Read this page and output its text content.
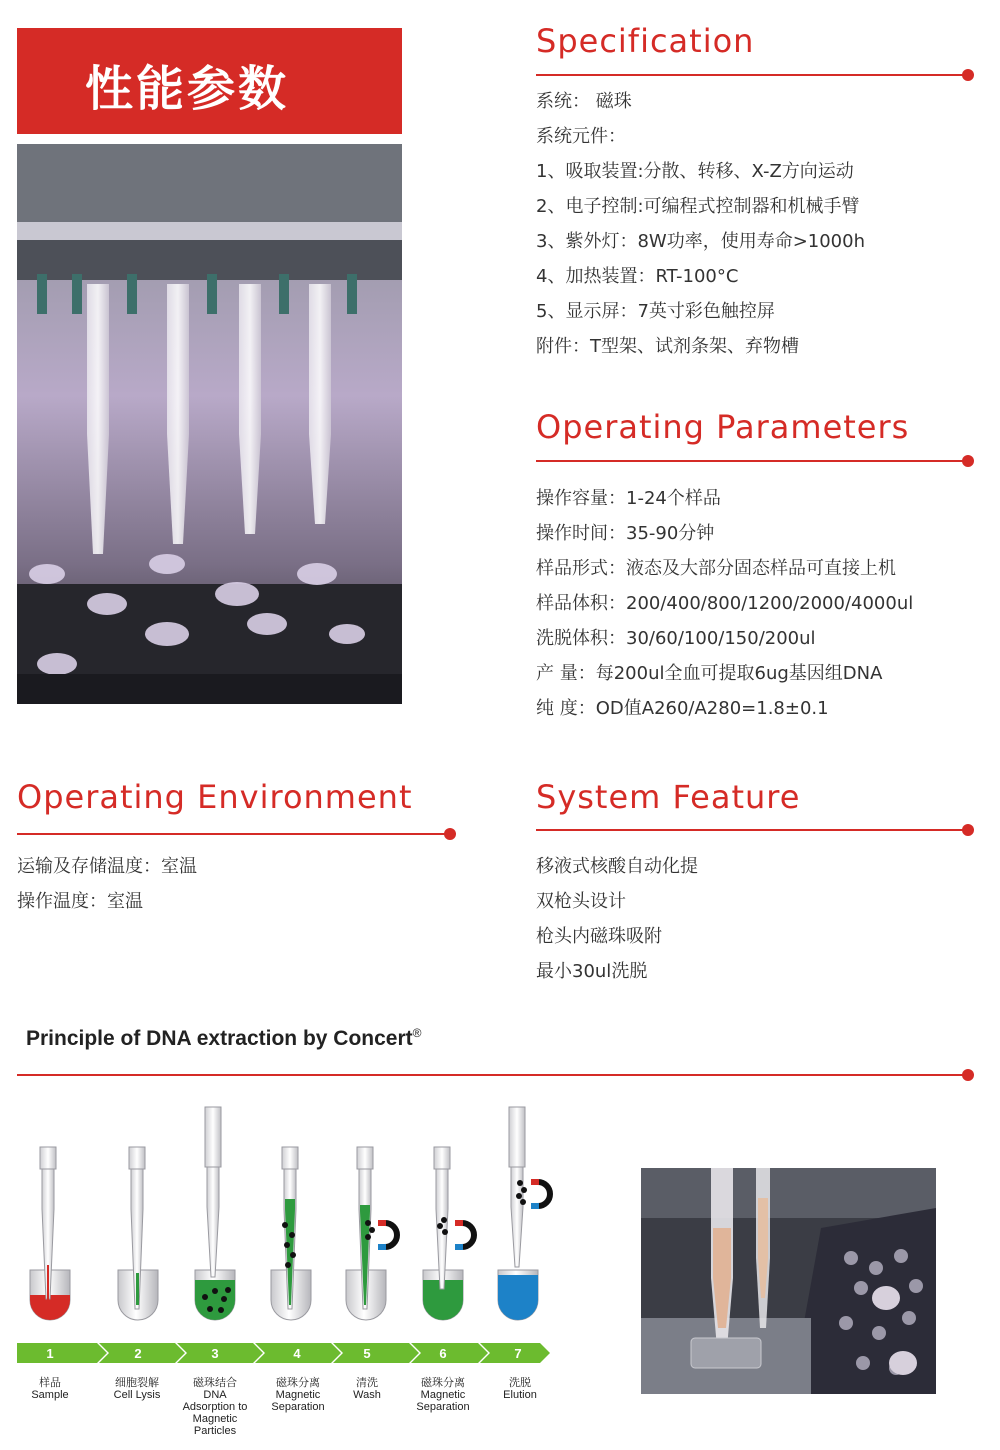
性能参数
Specification
系统： 磁珠
系统元件：
1、吸取装置:分散、转移、X-Z方向运动
2、电子控制:可编程式控制器和机械手臂
3、紫外灯：8W功率，使用寿命>1000h
4、加热装置：RT-100°C
5、显示屏：7英寸彩色触控屏
附件：T型架、试剂条架、弃物槽
Operating Parameters
操作容量：1-24个样品
操作时间：35-90分钟
样品形式：液态及大部分固态样品可直接上机
样品体积：200/400/800/1200/2000/4000ul
洗脱体积：30/60/100/150/200ul
产 量：每200ul全血可提取6ug基因组DNA
纯 度：OD值A260/A280=1.8±0.1
Operating Environment
运输及存储温度：室温
操作温度：室温
System Feature
移液式核酸自动化提
双枪头设计
枪头内磁珠吸附
最小30ul洗脱
Principle of DNA extraction by Concert®
1	2	3	4	5	6	7
样品
Sample
细胞裂解
Cell Lysis
磁珠结合
DNA Adsorption to Magnetic Particles
磁珠分离
Magnetic Separation
清洗
Wash
磁珠分离
Magnetic Separation
洗脱
Elution
